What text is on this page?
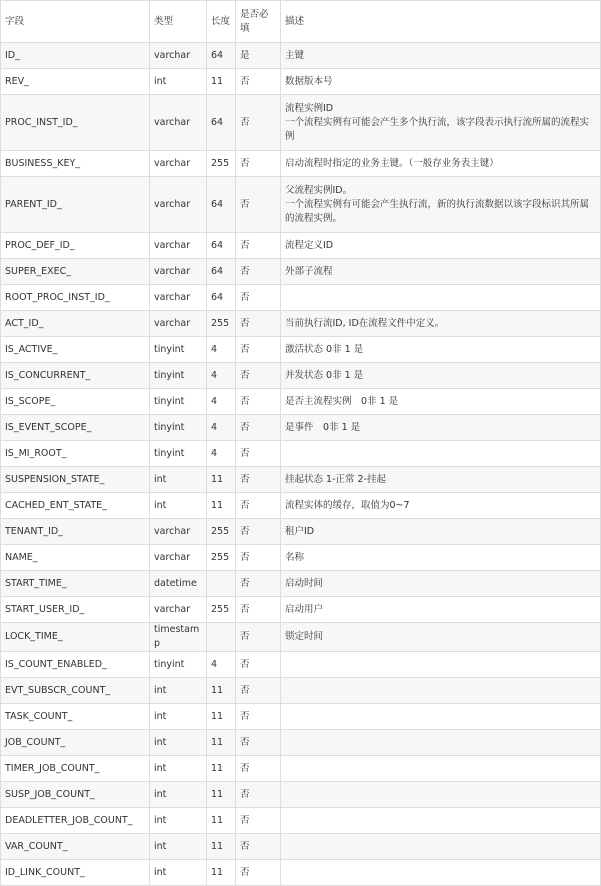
字段	类型	长度	是否必填	描述
ID_	varchar	64	是	主键

REV_	int	11	否	数据版本号

PROC_INST_ID_	varchar	64	否	流程实例ID
一个流程实例有可能会产生多个执行流，该字段表示执行流所属的流程实例

BUSINESS_KEY_	varchar	255	否	启动流程时指定的业务主键。（一般存业务表主键）

PARENT_ID_	varchar	64	否	父流程实例ID。
一个流程实例有可能会产生执行流，新的执行流数据以该字段标识其所属的流程实例。

PROC_DEF_ID_	varchar	64	否	流程定义ID

SUPER_EXEC_	varchar	64	否	外部子流程

ROOT_PROC_INST_ID_	varchar	64	否	

ACT_ID_	varchar	255	否	当前执行流ID, ID在流程文件中定义。

IS_ACTIVE_	tinyint	4	否	激活状态 0非 1 是

IS_CONCURRENT_	tinyint	4	否	并发状态 0非 1 是

IS_SCOPE_	tinyint	4	否	是否主流程实例　0非 1 是

IS_EVENT_SCOPE_	tinyint	4	否	是事件　0非 1 是

IS_MI_ROOT_	tinyint	4	否	

SUSPENSION_STATE_	int	11	否	挂起状态 1-正常 2-挂起

CACHED_ENT_STATE_	int	11	否	流程实体的缓存，取值为0~7

TENANT_ID_	varchar	255	否	租户ID

NAME_	varchar	255	否	名称

START_TIME_	datetime		否	启动时间

START_USER_ID_	varchar	255	否	启动用户

LOCK_TIME_	timestamp		否	锁定时间

IS_COUNT_ENABLED_	tinyint	4	否	

EVT_SUBSCR_COUNT_	int	11	否	

TASK_COUNT_	int	11	否	

JOB_COUNT_	int	11	否	

TIMER_JOB_COUNT_	int	11	否	

SUSP_JOB_COUNT_	int	11	否	

DEADLETTER_JOB_COUNT_	int	11	否	

VAR_COUNT_	int	11	否	

ID_LINK_COUNT_	int	11	否	
